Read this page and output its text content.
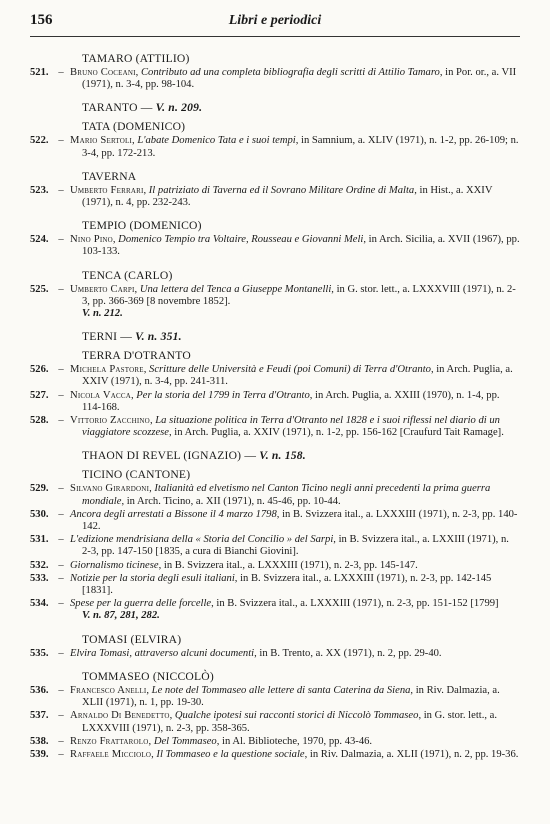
156	Libri e periodici
TAMARO (ATTILIO)
521. – Bruno Coceani, Contributo ad una completa bibliografia degli scritti di Attilio Tamaro, in Por. or., a. VII (1971), n. 3-4, pp. 98-104.
TARANTO — V. n. 209.
TATA (DOMENICO)
522. – Mario Sertoli, L'abate Domenico Tata e i suoi tempi, in Samnium, a. XLIV (1971), n. 1-2, pp. 26-109; n. 3-4, pp. 172-213.
TAVERNA
523. – Umberto Ferrari, Il patriziato di Taverna ed il Sovrano Militare Ordine di Malta, in Hist., a. XXIV (1971), n. 4, pp. 232-243.
TEMPIO (DOMENICO)
524. – Nino Pino, Domenico Tempio tra Voltaire, Rousseau e Giovanni Meli, in Arch. Sicilia, a. XVII (1967), pp. 103-133.
TENCA (CARLO)
525. – Umberto Carpi, Una lettera del Tenca a Giuseppe Montanelli, in G. stor. lett., a. LXXXVIII (1971), n. 2-3, pp. 366-369 [8 novembre 1852].
V. n. 212.
TERNI — V. n. 351.
TERRA D'OTRANTO
526. – Michela Pastore, Scritture delle Università e Feudi (poi Comuni) di Terra d'Otranto, in Arch. Puglia, a. XXIV (1971), n. 3-4, pp. 241-311.
527. – Nicola Vacca, Per la storia del 1799 in Terra d'Otranto, in Arch. Puglia, a. XXIII (1970), n. 1-4, pp. 114-168.
528. – Vittorio Zacchino, La situazione politica in Terra d'Otranto nel 1828 e i suoi riflessi nel diario di un viaggiatore scozzese, in Arch. Puglia, a. XXIV (1971), n. 1-2, pp. 156-162 [Craufurd Tait Ramage].
THAON DI REVEL (IGNAZIO) — V. n. 158.
TICINO (CANTONE)
529. – Silvano Girardoni, Italianità ed elvetismo nel Canton Ticino negli anni precedenti la prima guerra mondiale, in Arch. Ticino, a. XII (1971), n. 45-46, pp. 10-44.
530. – Ancora degli arrestati a Bissone il 4 marzo 1798, in B. Svizzera ital., a. LXXXIII (1971), n. 2-3, pp. 140-142.
531. – L'edizione mendrisiana della « Storia del Concilio » del Sarpi, in B. Svizzera ital., a. LXXIII (1971), n. 2-3, pp. 147-150 [1835, a cura di Bianchi Giovini].
532. – Giornalismo ticinese, in B. Svizzera ital., a. LXXXIII (1971), n. 2-3, pp. 145-147.
533. – Notizie per la storia degli esuli italiani, in B. Svizzera ital., a. LXXXIII (1971), n. 2-3, pp. 142-145 [1831].
534. – Spese per la guerra delle forcelle, in B. Svizzera ital., a. LXXXIII (1971), n. 2-3, pp. 151-152 [1799]
V. n. 87, 281, 282.
TOMASI (ELVIRA)
535. – Elvira Tomasi, attraverso alcuni documenti, in B. Trento, a. XX (1971), n. 2, pp. 29-40.
TOMMASEO (NICCOLÒ)
536. – Francesco Anelli, Le note del Tommaseo alle lettere di santa Caterina da Siena, in Riv. Dalmazia, a. XLII (1971), n. 1, pp. 19-30.
537. – Arnaldo Di Benedetto, Qualche ipotesi sui racconti storici di Niccolò Tommaseo, in G. stor. lett., a. LXXXVIII (1971), n. 2-3, pp. 358-365.
538. – Renzo Frattarolo, Del Tommaseo, in Al. Biblioteche, 1970, pp. 43-46.
539. – Raffaele Micciolo, Il Tommaseo e la questione sociale, in Riv. Dalmazia, a. XLII (1971), n. 2, pp. 19-36.
